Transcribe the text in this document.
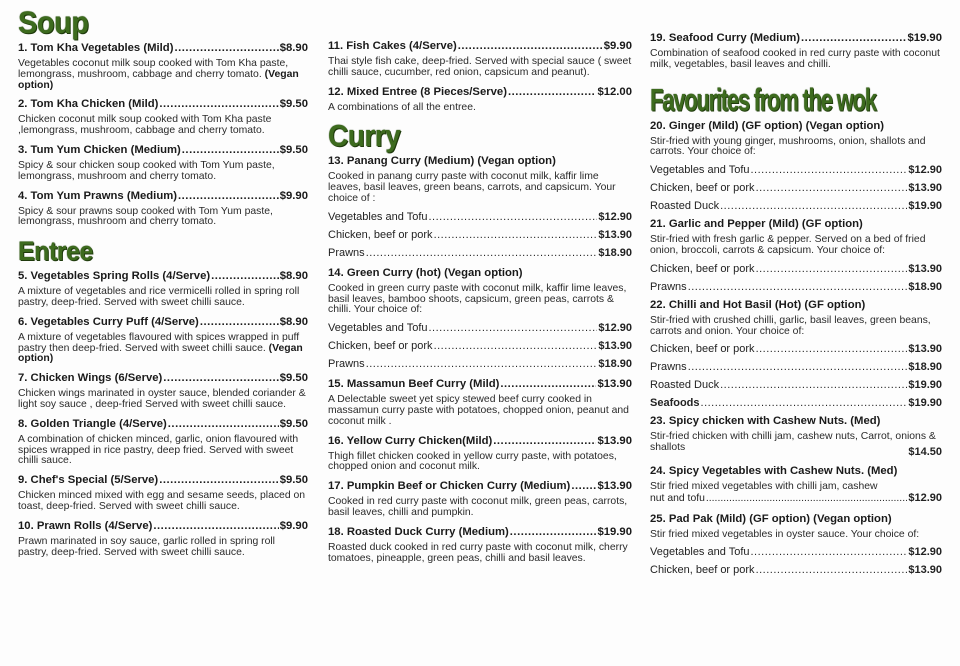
Soup
1. Tom Kha Vegetables (Mild) .....	$8.90
Vegetables coconut milk soup cooked with Tom Kha paste, lemongrass, mushroom, cabbage and cherry tomato. (Vegan option)
2. Tom Kha Chicken (Mild) .....	$9.50
Chicken coconut milk soup cooked with Tom Kha paste ,lemongrass, mushroom, cabbage and cherry tomato.
3. Tum Yum Chicken (Medium) .....	$9.50
Spicy & sour chicken soup cooked with Tom Yum paste, lemongrass, mushroom and cherry tomato.
4. Tom Yum Prawns (Medium) .....	$9.90
Spicy & sour prawns soup cooked with Tom Yum paste, lemongrass, mushroom and cherry tomato.
Entree
5. Vegetables Spring Rolls (4/Serve) .....	$8.90
A mixture of vegetables and rice vermicelli rolled in spring roll pastry, deep-fried. Served with sweet chilli sauce.
6. Vegetables Curry Puff (4/Serve) .....	$8.90
A mixture of vegetables flavoured with spices wrapped in puff pastry then deep-fried. Served with sweet chilli sauce. (Vegan option)
7. Chicken Wings (6/Serve) .....	$9.50
Chicken wings marinated in oyster sauce, blended coriander & light soy sauce , deep-fried Served with sweet chilli sauce.
8. Golden Triangle (4/Serve) .....	$9.50
A combination of chicken minced, garlic, onion flavoured with spices wrapped in rice pastry, deep fried. Served with sweet chilli sauce.
9. Chef's Special (5/Serve) .....	$9.50
Chicken minced mixed with egg and sesame seeds, placed on toast, deep-fried. Served with sweet chilli sauce.
10. Prawn Rolls (4/Serve) .....	$9.90
Prawn marinated in soy sauce, garlic rolled in spring roll pastry, deep-fried. Served with sweet chilli sauce.
11. Fish Cakes (4/Serve) .....	$9.90
Thai style fish cake, deep-fried. Served with special sauce ( sweet chilli sauce, cucumber, red onion, capsicum and peanut).
12. Mixed Entree (8 Pieces/Serve) .....	$12.00
A combinations of all the entree.
Curry
13. Panang Curry (Medium) (Vegan option)
Cooked in panang curry paste with coconut milk, kaffir lime leaves, basil leaves, green beans, carrots, and capsicum. Your choice of :
Vegetables and Tofu .....	$12.90
Chicken, beef or pork .....	$13.90
Prawns .....	$18.90
14. Green Curry (hot) (Vegan option)
Cooked in green curry paste with coconut milk, kaffir lime leaves, basil leaves, bamboo shoots, capsicum, green peas, carrots & chilli. Your choice of:
Vegetables and Tofu .....	$12.90
Chicken, beef or pork .....	$13.90
Prawns .....	$18.90
15. Massamun Beef Curry (Mild) .....	$13.90
A Delectable sweet yet spicy stewed beef curry cooked in massamun curry paste with potatoes, chopped onion, peanut and coconut milk .
16. Yellow Curry Chicken(Mild) .....	$13.90
Thigh fillet chicken cooked in yellow curry paste, with potatoes, chopped onion and coconut milk.
17. Pumpkin Beef or Chicken Curry (Medium) ..... $13.90
Cooked in red curry paste with coconut milk, green peas, carrots, basil leaves, chilli and pumpkin.
18. Roasted Duck Curry (Medium) .....	$19.90
Roasted duck cooked in red curry paste with coconut milk, cherry tomatoes, pineapple, green peas, chilli and basil leaves.
19. Seafood Curry (Medium) .....	$19.90
Combination of seafood cooked in red curry paste with coconut milk, vegetables, basil leaves and chilli.
Favourites from the wok
20. Ginger (Mild) (GF option) (Vegan option)
Stir-fried with young ginger, mushrooms, onion, shallots and carrots. Your choice of:
Vegetables and Tofu .....	$12.90
Chicken, beef or pork .....	$13.90
Roasted Duck .....	$19.90
21. Garlic and Pepper (Mild) (GF option)
Stir-fried with fresh garlic & pepper. Served on a bed of fried onion, broccoli, carrots & capsicum. Your choice of:
Chicken, beef or pork .....	$13.90
Prawns .....	$18.90
22. Chilli and Hot Basil (Hot) (GF option)
Stir-fried with crushed chilli, garlic, basil leaves, green beans, carrots and onion. Your choice of:
Chicken, beef or pork .....	$13.90
Prawns .....	$18.90
Roasted Duck .....	$19.90
Seafoods .....	$19.90
23. Spicy chicken with Cashew Nuts. (Med)
Stir-fried chicken with chilli jam, cashew nuts, Carrot, onions & shallots	$14.50
24. Spicy Vegetables with Cashew Nuts. (Med)
Stir fried mixed vegetables with chilli jam, cashew
nut and tofu .....	$12.90
25. Pad Pak (Mild) (GF option) (Vegan option)
Stir fried mixed vegetables in oyster sauce. Your choice of:
Vegetables and Tofu .....	$12.90
Chicken, beef or pork .....	$13.90
